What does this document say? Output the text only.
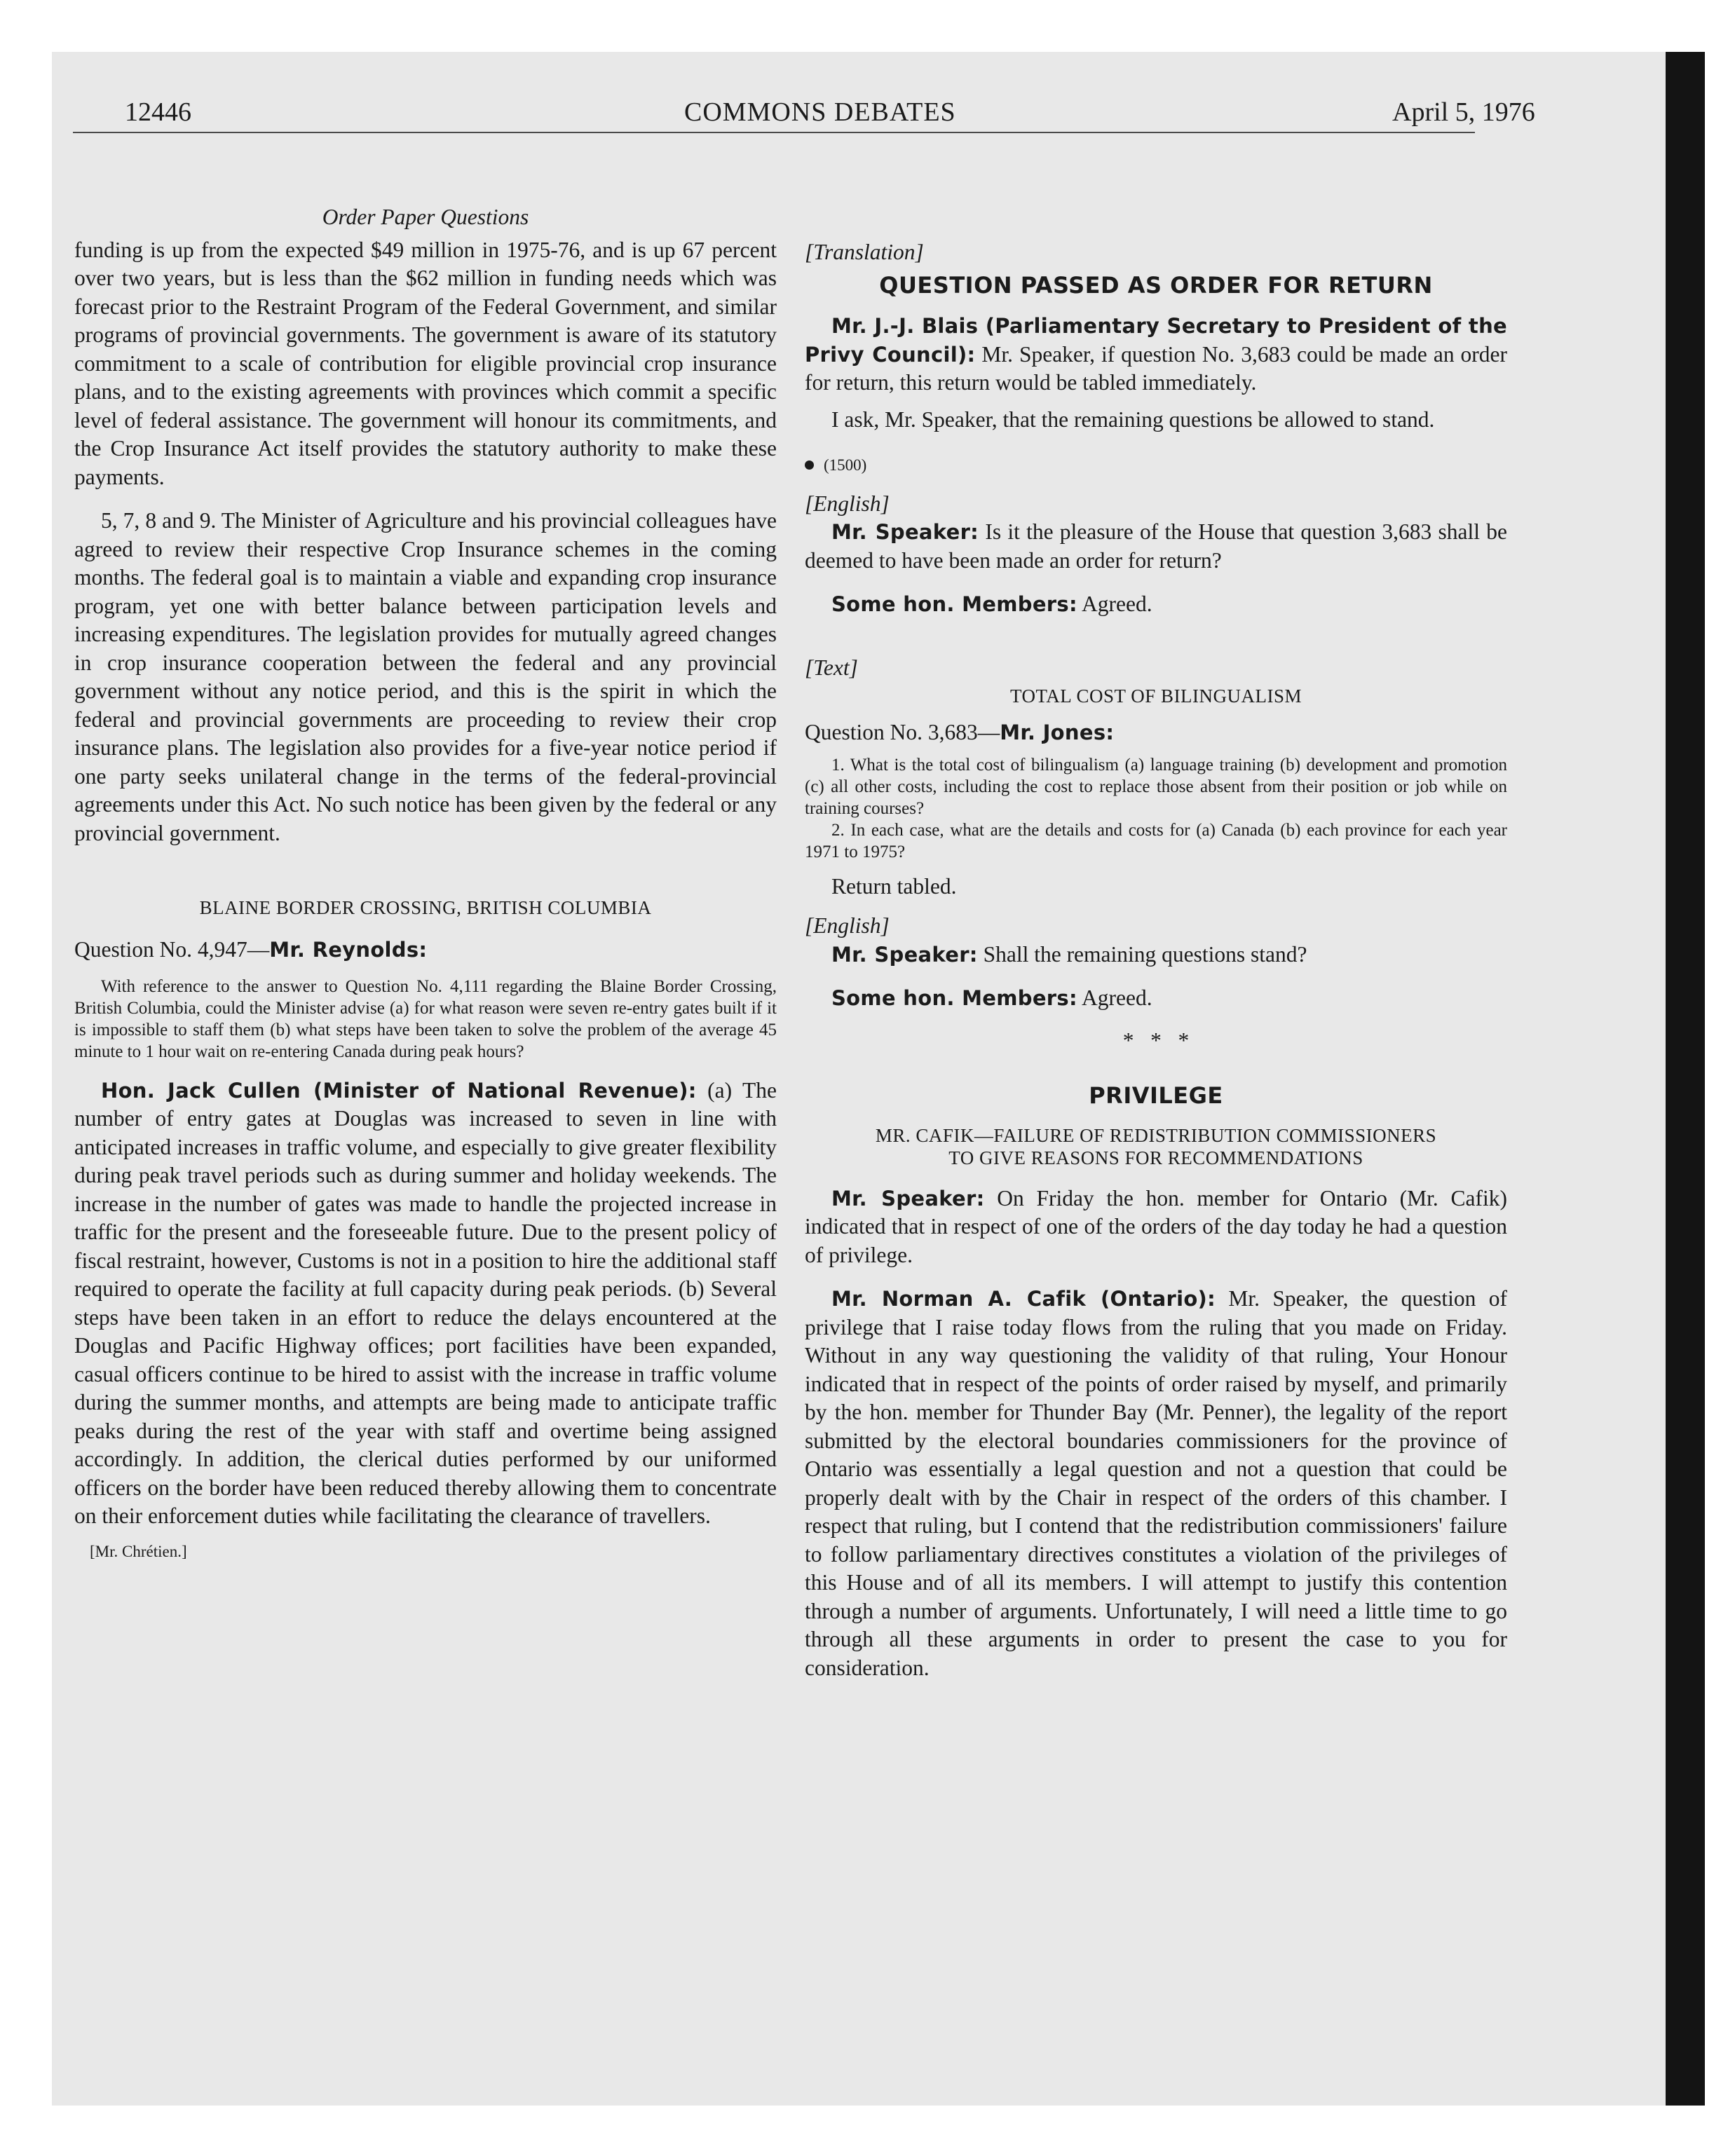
12446	COMMONS DEBATES	April 5, 1976

Order Paper Questions

funding is up from the expected $49 million in 1975-76, and is up 67 percent over two years, but is less than the $62 million in funding needs which was forecast prior to the Restraint Program of the Federal Government, and similar programs of provincial governments. The government is aware of its statutory commitment to a scale of contribution for eligible provincial crop insurance plans, and to the existing agreements with provinces which commit a specific level of federal assistance. The government will honour its commitments, and the Crop Insurance Act itself provides the statutory authority to make these payments.

5, 7, 8 and 9. The Minister of Agriculture and his provincial colleagues have agreed to review their respective Crop Insurance schemes in the coming months. The federal goal is to maintain a viable and expanding crop insurance program, yet one with better balance between participation levels and increasing expenditures. The legislation provides for mutually agreed changes in crop insurance cooperation between the federal and any provincial government without any notice period, and this is the spirit in which the federal and provincial governments are proceeding to review their crop insurance plans. The legislation also provides for a five-year notice period if one party seeks unilateral change in the terms of the federal-provincial agreements under this Act. No such notice has been given by the federal or any provincial government.

BLAINE BORDER CROSSING, BRITISH COLUMBIA

Question No. 4,947—Mr. Reynolds:

With reference to the answer to Question No. 4,111 regarding the Blaine Border Crossing, British Columbia, could the Minister advise (a) for what reason were seven re-entry gates built if it is impossible to staff them (b) what steps have been taken to solve the problem of the average 45 minute to 1 hour wait on re-entering Canada during peak hours?

Hon. Jack Cullen (Minister of National Revenue): (a) The number of entry gates at Douglas was increased to seven in line with anticipated increases in traffic volume, and especially to give greater flexibility during peak travel periods such as during summer and holiday weekends. The increase in the number of gates was made to handle the projected increase in traffic for the present and the foreseeable future. Due to the present policy of fiscal restraint, however, Customs is not in a position to hire the additional staff required to operate the facility at full capacity during peak periods. (b) Several steps have been taken in an effort to reduce the delays encountered at the Douglas and Pacific Highway offices; port facilities have been expanded, casual officers continue to be hired to assist with the increase in traffic volume during the summer months, and attempts are being made to anticipate traffic peaks during the rest of the year with staff and overtime being assigned accordingly. In addition, the clerical duties performed by our uniformed officers on the border have been reduced thereby allowing them to concentrate on their enforcement duties while facilitating the clearance of travellers.

[Mr. Chrétien.]

[Translation]

QUESTION PASSED AS ORDER FOR RETURN

Mr. J.-J. Blais (Parliamentary Secretary to President of the Privy Council): Mr. Speaker, if question No. 3,683 could be made an order for return, this return would be tabled immediately.

I ask, Mr. Speaker, that the remaining questions be allowed to stand.

(1500)

[English]

Mr. Speaker: Is it the pleasure of the House that question 3,683 shall be deemed to have been made an order for return?

Some hon. Members: Agreed.

[Text]

TOTAL COST OF BILINGUALISM

Question No. 3,683—Mr. Jones:

1. What is the total cost of bilingualism (a) language training (b) development and promotion (c) all other costs, including the cost to replace those absent from their position or job while on training courses?

2. In each case, what are the details and costs for (a) Canada (b) each province for each year 1971 to 1975?

Return tabled.

[English]

Mr. Speaker: Shall the remaining questions stand?

Some hon. Members: Agreed.

*   *   *

PRIVILEGE

MR. CAFIK—FAILURE OF REDISTRIBUTION COMMISSIONERS

TO GIVE REASONS FOR RECOMMENDATIONS

Mr. Speaker: On Friday the hon. member for Ontario (Mr. Cafik) indicated that in respect of one of the orders of the day today he had a question of privilege.

Mr. Norman A. Cafik (Ontario): Mr. Speaker, the question of privilege that I raise today flows from the ruling that you made on Friday. Without in any way questioning the validity of that ruling, Your Honour indicated that in respect of the points of order raised by myself, and primarily by the hon. member for Thunder Bay (Mr. Penner), the legality of the report submitted by the electoral boundaries commissioners for the province of Ontario was essentially a legal question and not a question that could be properly dealt with by the Chair in respect of the orders of this chamber. I respect that ruling, but I contend that the redistribution commissioners' failure to follow parliamentary directives constitutes a violation of the privileges of this House and of all its members. I will attempt to justify this contention through a number of arguments. Unfortunately, I will need a little time to go through all these arguments in order to present the case to you for consideration.
